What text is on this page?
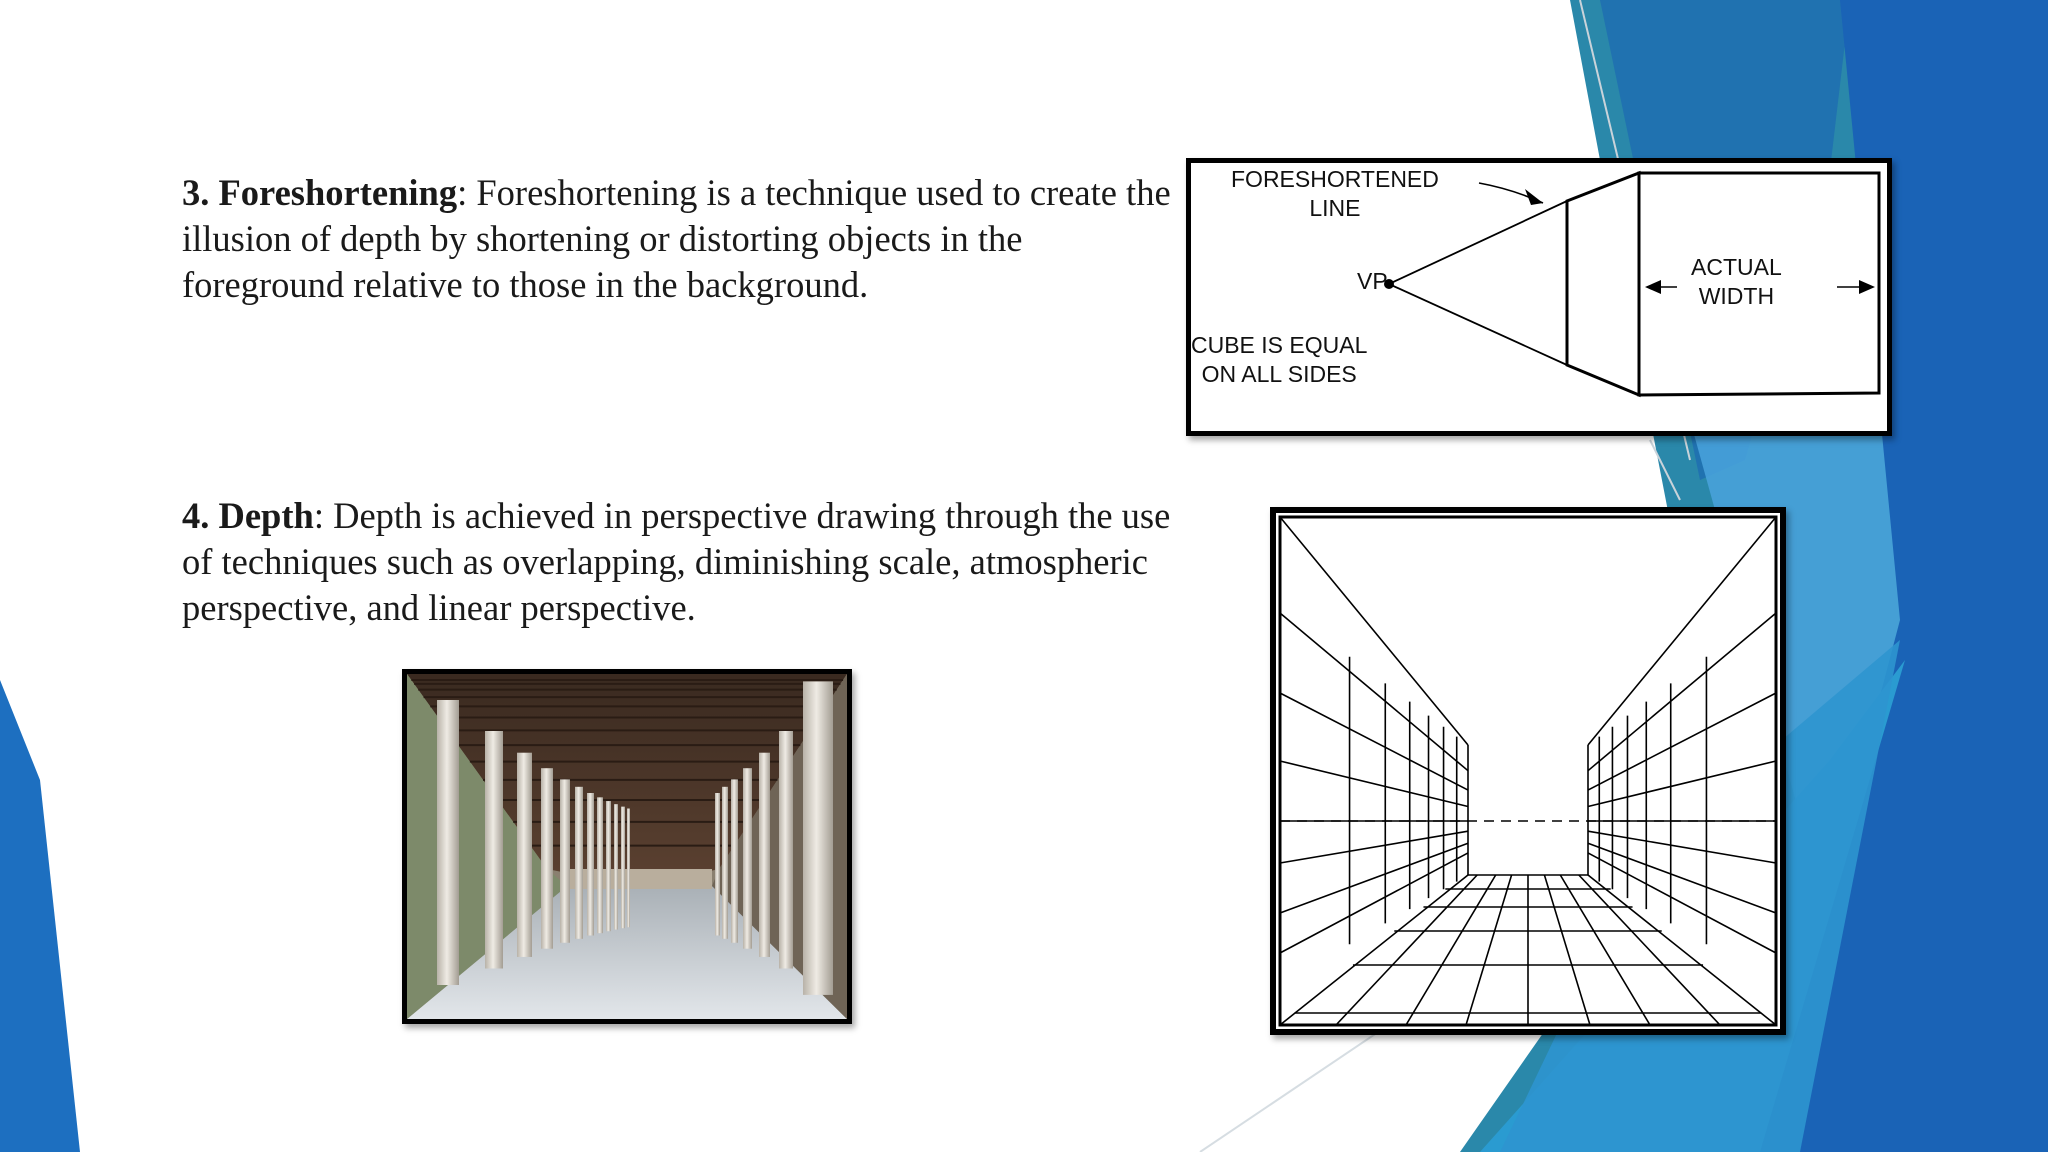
3. Foreshortening: Foreshortening is a technique used to create the illusion of depth by shortening or distorting objects in the foreground relative to those in the background.

4. Depth: Depth is achieved in perspective drawing through the use of techniques such as overlapping, diminishing scale, atmospheric perspective, and linear perspective.

FORESHORTENED
LINE
VP
CUBE IS EQUAL
ON ALL SIDES
ACTUAL
WIDTH
